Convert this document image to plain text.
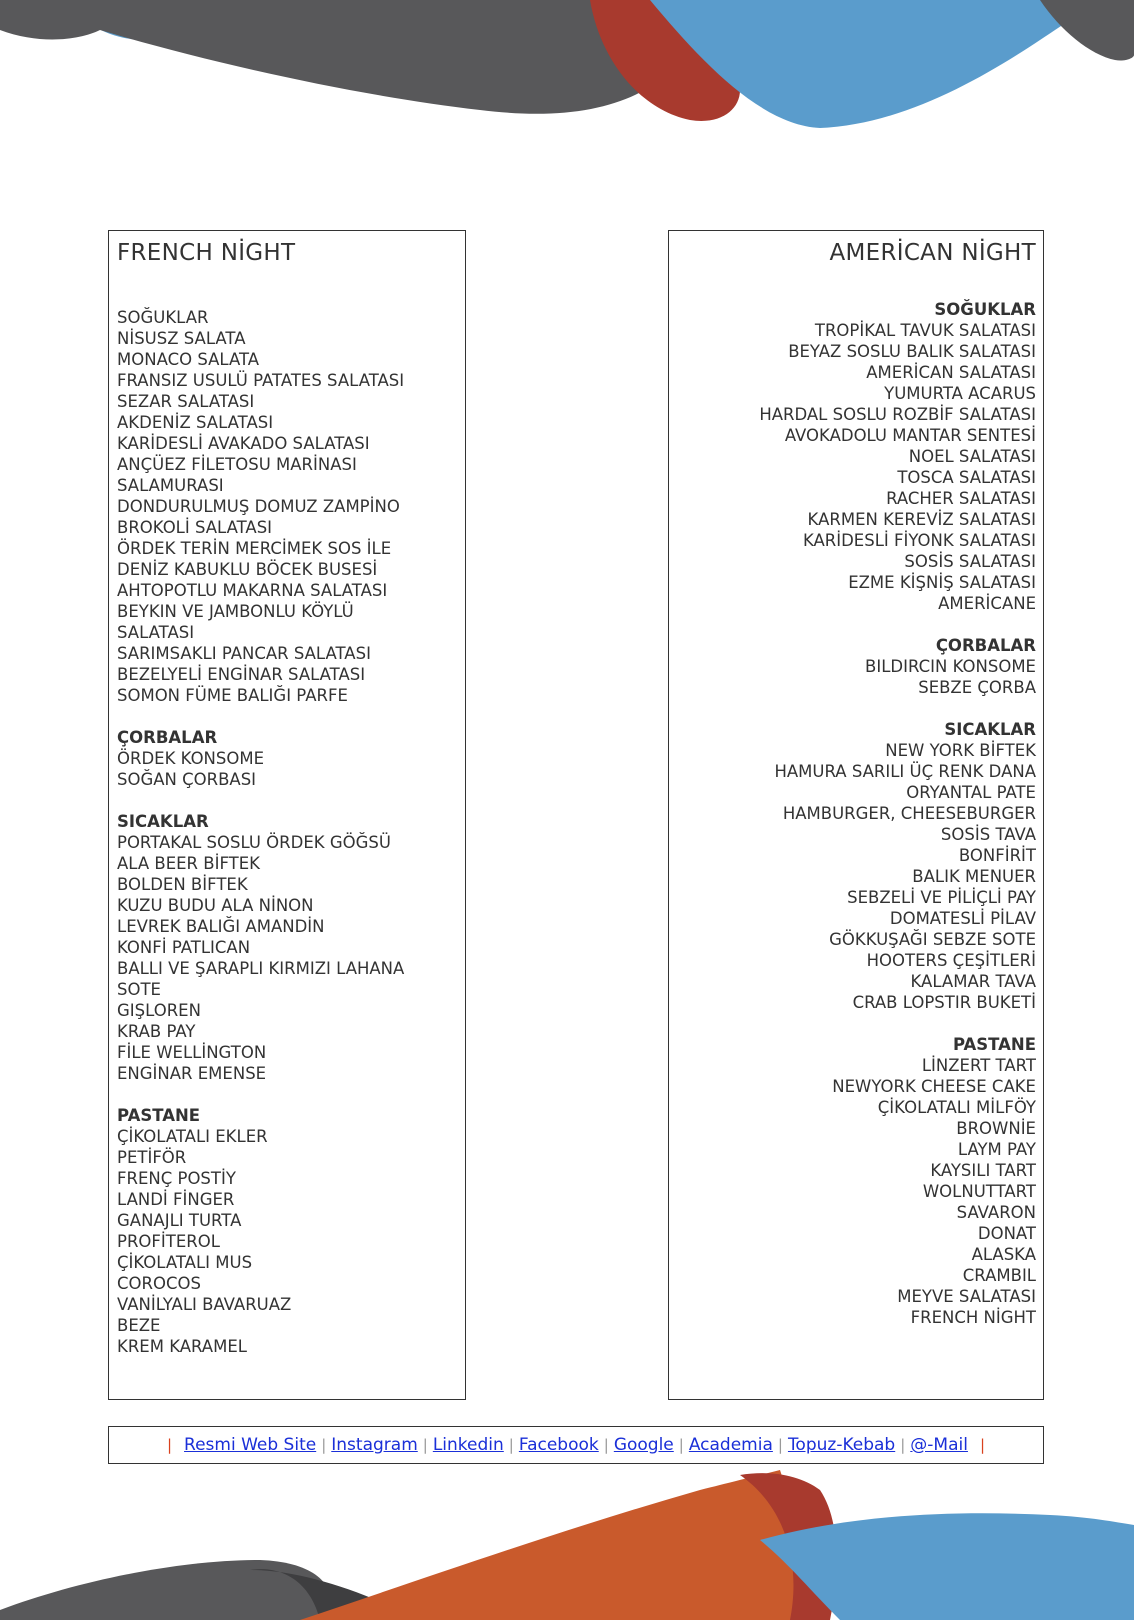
FRENCH NİGHT
SOĞUKLAR
NİSUSZ SALATA
MONACO SALATA
FRANSIZ USULÜ PATATES SALATASI
SEZAR SALATASI
AKDENİZ SALATASI
KARİDESLİ AVAKADO SALATASI
ANÇÜEZ FİLETOSU MARİNASI
SALAMURASI
DONDURULMUŞ DOMUZ ZAMPİNO
BROKOLİ SALATASI
ÖRDEK TERİN MERCİMEK SOS İLE
DENİZ KABUKLU BÖCEK BUSESİ
AHTOPOTLU MAKARNA SALATASI
BEYKIN VE JAMBONLU KÖYLÜ
SALATASI
SARIMSAKLI PANCAR SALATASI
BEZELYELİ ENGİNAR SALATASI
SOMON FÜME BALIĞI PARFE
ÇORBALAR
ÖRDEK KONSOME
SOĞAN ÇORBASI
SICAKLAR
PORTAKAL SOSLU ÖRDEK GÖĞSÜ
ALA BEER BİFTEK
BOLDEN BİFTEK
KUZU BUDU ALA NİNON
LEVREK BALIĞI AMANDİN
KONFİ PATLICAN
BALLI VE ŞARAPLI KIRMIZI LAHANA
SOTE
GIŞLOREN
KRAB PAY
FİLE WELLİNGTON
ENGİNAR EMENSE
PASTANE
ÇİKOLATALI EKLER
PETİFÖR
FRENÇ POSTİY
LANDİ FİNGER
GANAJLI TURTA
PROFİTEROL
ÇİKOLATALI MUS
COROCOS
VANİLYALI BAVARUAZ
BEZE
KREM KARAMEL
AMERİCAN NİGHT
SOĞUKLAR
TROPİKAL TAVUK SALATASI
BEYAZ SOSLU BALIK SALATASI
AMERİCAN SALATASI
YUMURTA ACARUS
HARDAL SOSLU ROZBİF SALATASI
AVOKADOLU MANTAR SENTESİ
NOEL SALATASI
TOSCA SALATASI
RACHER SALATASI
KARMEN KEREVİZ SALATASI
KARİDESLİ FİYONK SALATASI
SOSİS SALATASI
EZME KİŞNİŞ SALATASI
AMERİCANE
ÇORBALAR
BILDIRCIN KONSOME
SEBZE ÇORBA
SICAKLAR
NEW YORK BİFTEK
HAMURA SARILI ÜÇ RENK DANA
ORYANTAL PATE
HAMBURGER, CHEESEBURGER
SOSİS TAVA
BONFİRİT
BALIK MENUER
SEBZELİ VE PİLİÇLİ PAY
DOMATESLİ PİLAV
GÖKKUŞAĞI SEBZE SOTE
HOOTERS ÇEŞİTLERİ
KALAMAR TAVA
CRAB LOPSTIR BUKETİ
PASTANE
LİNZERT TART
NEWYORK CHEESE CAKE
ÇİKOLATALI MİLFÖY
BROWNİE
LAYM PAY
KAYSILI TART
WOLNUTTART
SAVARON
DONAT
ALASKA
CRAMBIL
MEYVE SALATASI
FRENCH NİGHT
| Resmi Web Site | Instagram | Linkedin | Facebook | Google | Academia | Topuz-Kebab | @-Mail |
